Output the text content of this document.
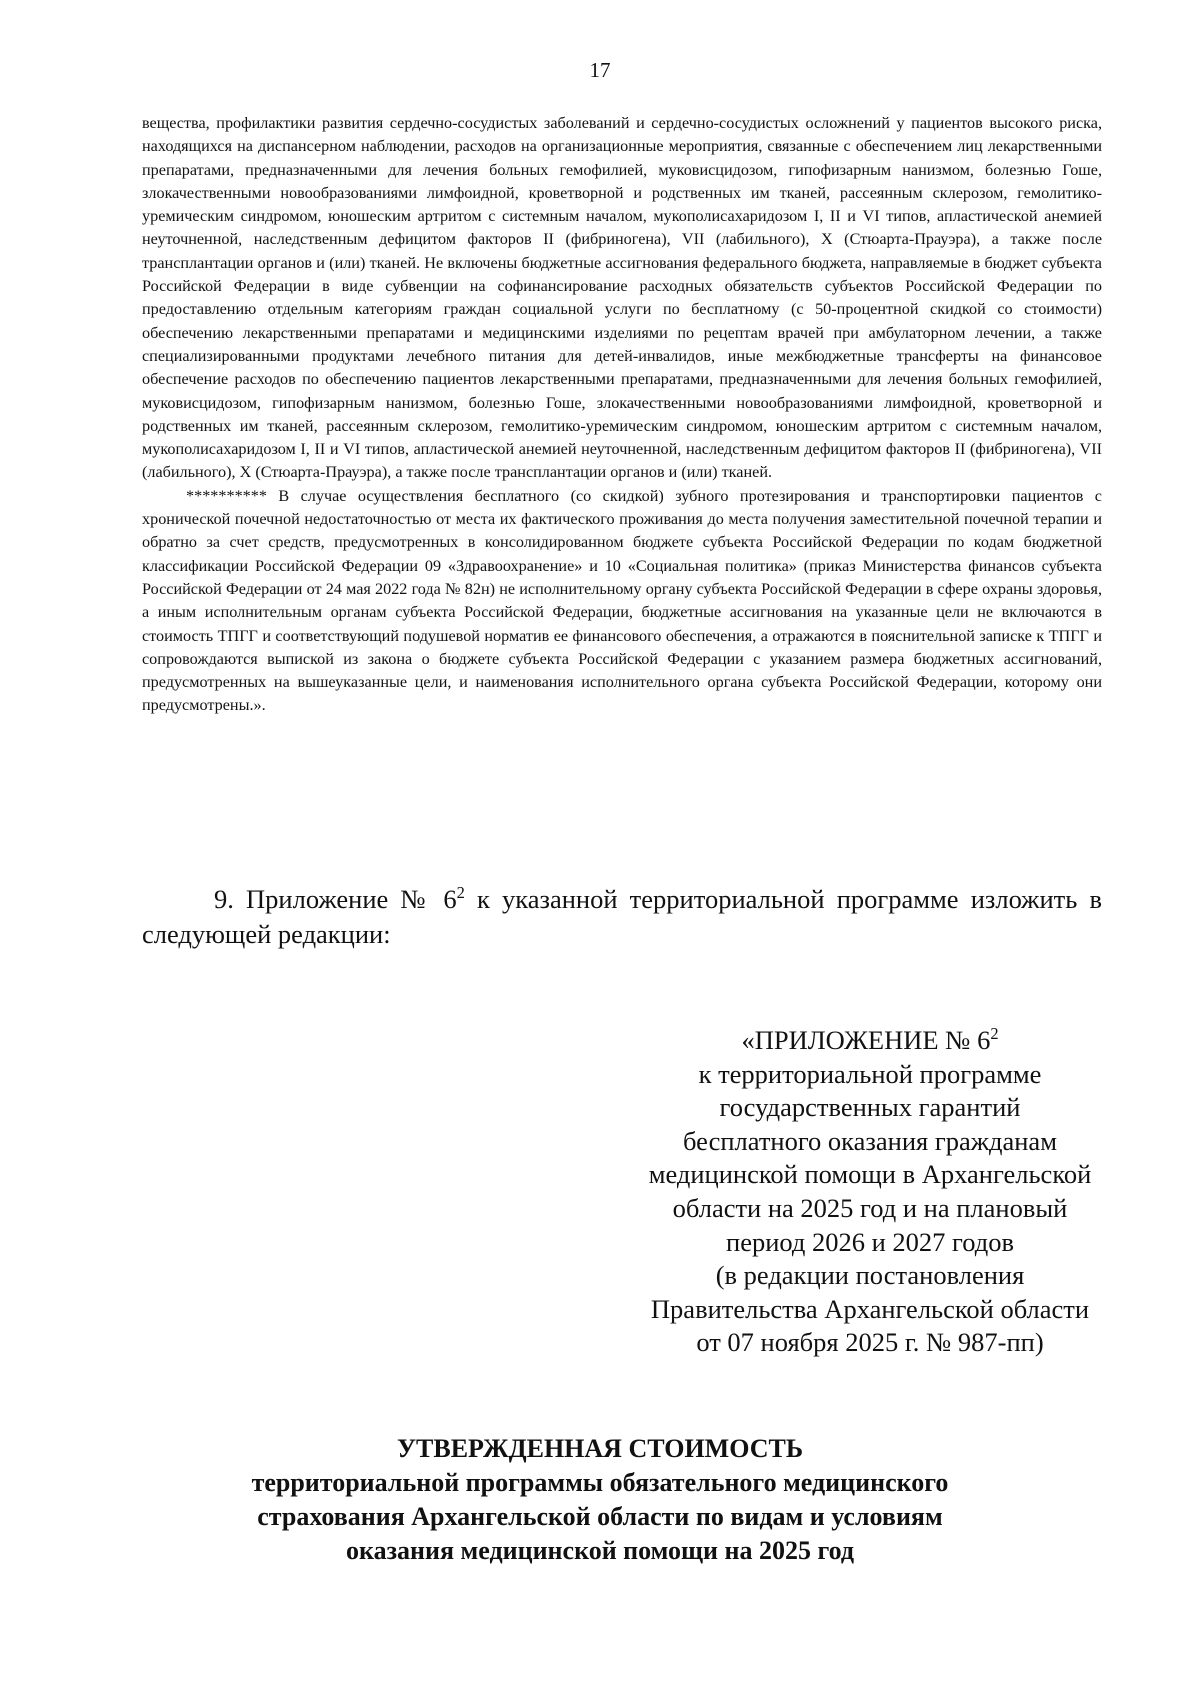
17

вещества, профилактики развития сердечно-сосудистых заболеваний и сердечно-сосудистых осложнений у пациентов высокого риска, находящихся на диспансерном наблюдении, расходов на организационные мероприятия, связанные с обеспечением лиц лекарственными препаратами, предназначенными для лечения больных гемофилией, муковисцидозом, гипофизарным нанизмом, болезнью Гоше, злокачественными новообразованиями лимфоидной, кроветворной и родственных им тканей, рассеянным склерозом, гемолитико-уремическим синдромом, юношеским артритом с системным началом, мукополисахаридозом I, II и VI типов, апластической анемией неуточненной, наследственным дефицитом факторов II (фибриногена), VII (лабильного), X (Стюарта-Прауэра), а также после трансплантации органов и (или) тканей. Не включены бюджетные ассигнования федерального бюджета, направляемые в бюджет субъекта Российской Федерации в виде субвенции на софинансирование расходных обязательств субъектов Российской Федерации по предоставлению отдельным категориям граждан социальной услуги по бесплатному (с 50-процентной скидкой со стоимости) обеспечению лекарственными препаратами и медицинскими изделиями по рецептам врачей при амбулаторном лечении, а также специализированными продуктами лечебного питания для детей-инвалидов, иные межбюджетные трансферты на финансовое обеспечение расходов по обеспечению пациентов лекарственными препаратами, предназначенными для лечения больных гемофилией, муковисцидозом, гипофизарным нанизмом, болезнью Гоше, злокачественными новообразованиями лимфоидной, кроветворной и родственных им тканей, рассеянным склерозом, гемолитико-уремическим синдромом, юношеским артритом с системным началом, мукополисахаридозом I, II и VI типов, апластической анемией неуточненной, наследственным дефицитом факторов II (фибриногена), VII (лабильного), X (Стюарта-Прауэра), а также после трансплантации органов и (или) тканей.

********** В случае осуществления бесплатного (со скидкой) зубного протезирования и транспортировки пациентов с хронической почечной недостаточностью от места их фактического проживания до места получения заместительной почечной терапии и обратно за счет средств, предусмотренных в консолидированном бюджете субъекта Российской Федерации по кодам бюджетной классификации Российской Федерации 09 «Здравоохранение» и 10 «Социальная политика» (приказ Министерства финансов субъекта Российской Федерации от 24 мая 2022 года № 82н) не исполнительному органу субъекта Российской Федерации в сфере охраны здоровья, а иным исполнительным органам субъекта Российской Федерации, бюджетные ассигнования на указанные цели не включаются в стоимость ТПГГ и соответствующий подушевой норматив ее финансового обеспечения, а отражаются в пояснительной записке к ТПГГ и сопровождаются выпиской из закона о бюджете субъекта Российской Федерации с указанием размера бюджетных ассигнований, предусмотренных на вышеуказанные цели, и наименования исполнительного органа субъекта Российской Федерации, которому они предусмотрены.».

9. Приложение № $6^2$ к указанной территориальной программе изложить в следующей редакции:

«ПРИЛОЖЕНИЕ № $6^2$
к территориальной программе
государственных гарантий
бесплатного оказания гражданам
медицинской помощи в Архангельской
области на 2025 год и на плановый
период 2026 и 2027 годов
(в редакции постановления
Правительства Архангельской области
от 07 ноября 2025 г. № 987-пп)
УТВЕРЖДЕННАЯ СТОИМОСТЬ
территориальной программы обязательного медицинского
страхования Архангельской области по видам и условиям
оказания медицинской помощи на 2025 год
